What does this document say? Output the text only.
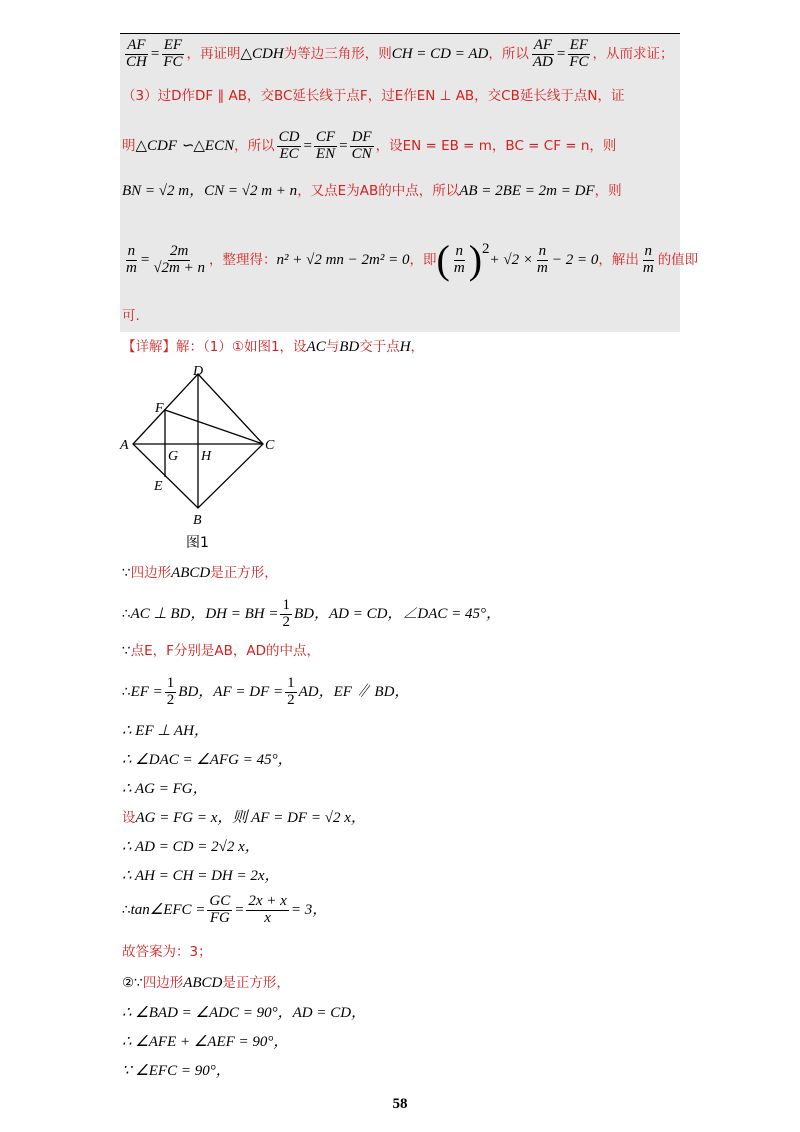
$\frac{AF}{CH} = \frac{EF}{FC}$ ，再证明 △ CDH 为等边三角形，则 CH = CD = AD ，所以 $\frac{AF}{AD} = \frac{EF}{FC}$ ，从而求证；
（3）过D作DF ∥ AB，交BC延长线于点F，过E作EN ⊥ AB，交CB延长线于点N，证
明 △ CDF ∽ △ ECN ，所以 $\frac{CD}{EC} = \frac{CF}{EN} = \frac{DF}{CN}$ ，设EN = EB = m，BC = CF = n，则
BN = √2 m，CN = √2 m + n ，又点E为AB的中点，所以 AB = 2BE = 2m = DF ，则
$\frac{n}{m} = \frac{2m}{√2m + n}$ ，整理得： n² + √2 mn − 2m² = 0 ，即 ( $\frac{n}{m}$ ) 2
+ $√2 \times \frac{n}{m} - 2 = 0$ ，解出 $\frac{n}{m}$ 的值即
可.
【详解】 解：（1）①如图1，设 AC 与 BD 交于点 H ，
D
C
B
A
F
E
G H
图1
∵ 四边形 ABCD 是正方形，
∴ AC ⊥ BD，DH = BH = $\frac{1}{2}$ BD，AD = CD，∠DAC = 45°，
∵ 点E，F分别是AB，AD的中点，
∴ EF = $\frac{1}{2}$ BD，AF = DF = $\frac{1}{2}$ AD，EF ∥ BD，
∴ EF ⊥ AH，
∴ ∠DAC = ∠AFG = 45°，
∴ AG = FG，
设 AG = FG = x，则 AF = DF = √2 x，
∴ AD = CD = 2√2 x，
∴ AH = CH = DH = 2x，
∴ tan∠EFC = $\frac{GC}{FG} = \frac{2x + x}{x} = 3$，
故答案为：3；
②∵ 四边形 ABCD 是正方形，
∴ ∠BAD = ∠ADC = 90°，AD = CD，
∴ ∠AFE + ∠AEF = 90°，
∵ ∠EFC = 90°，
58
